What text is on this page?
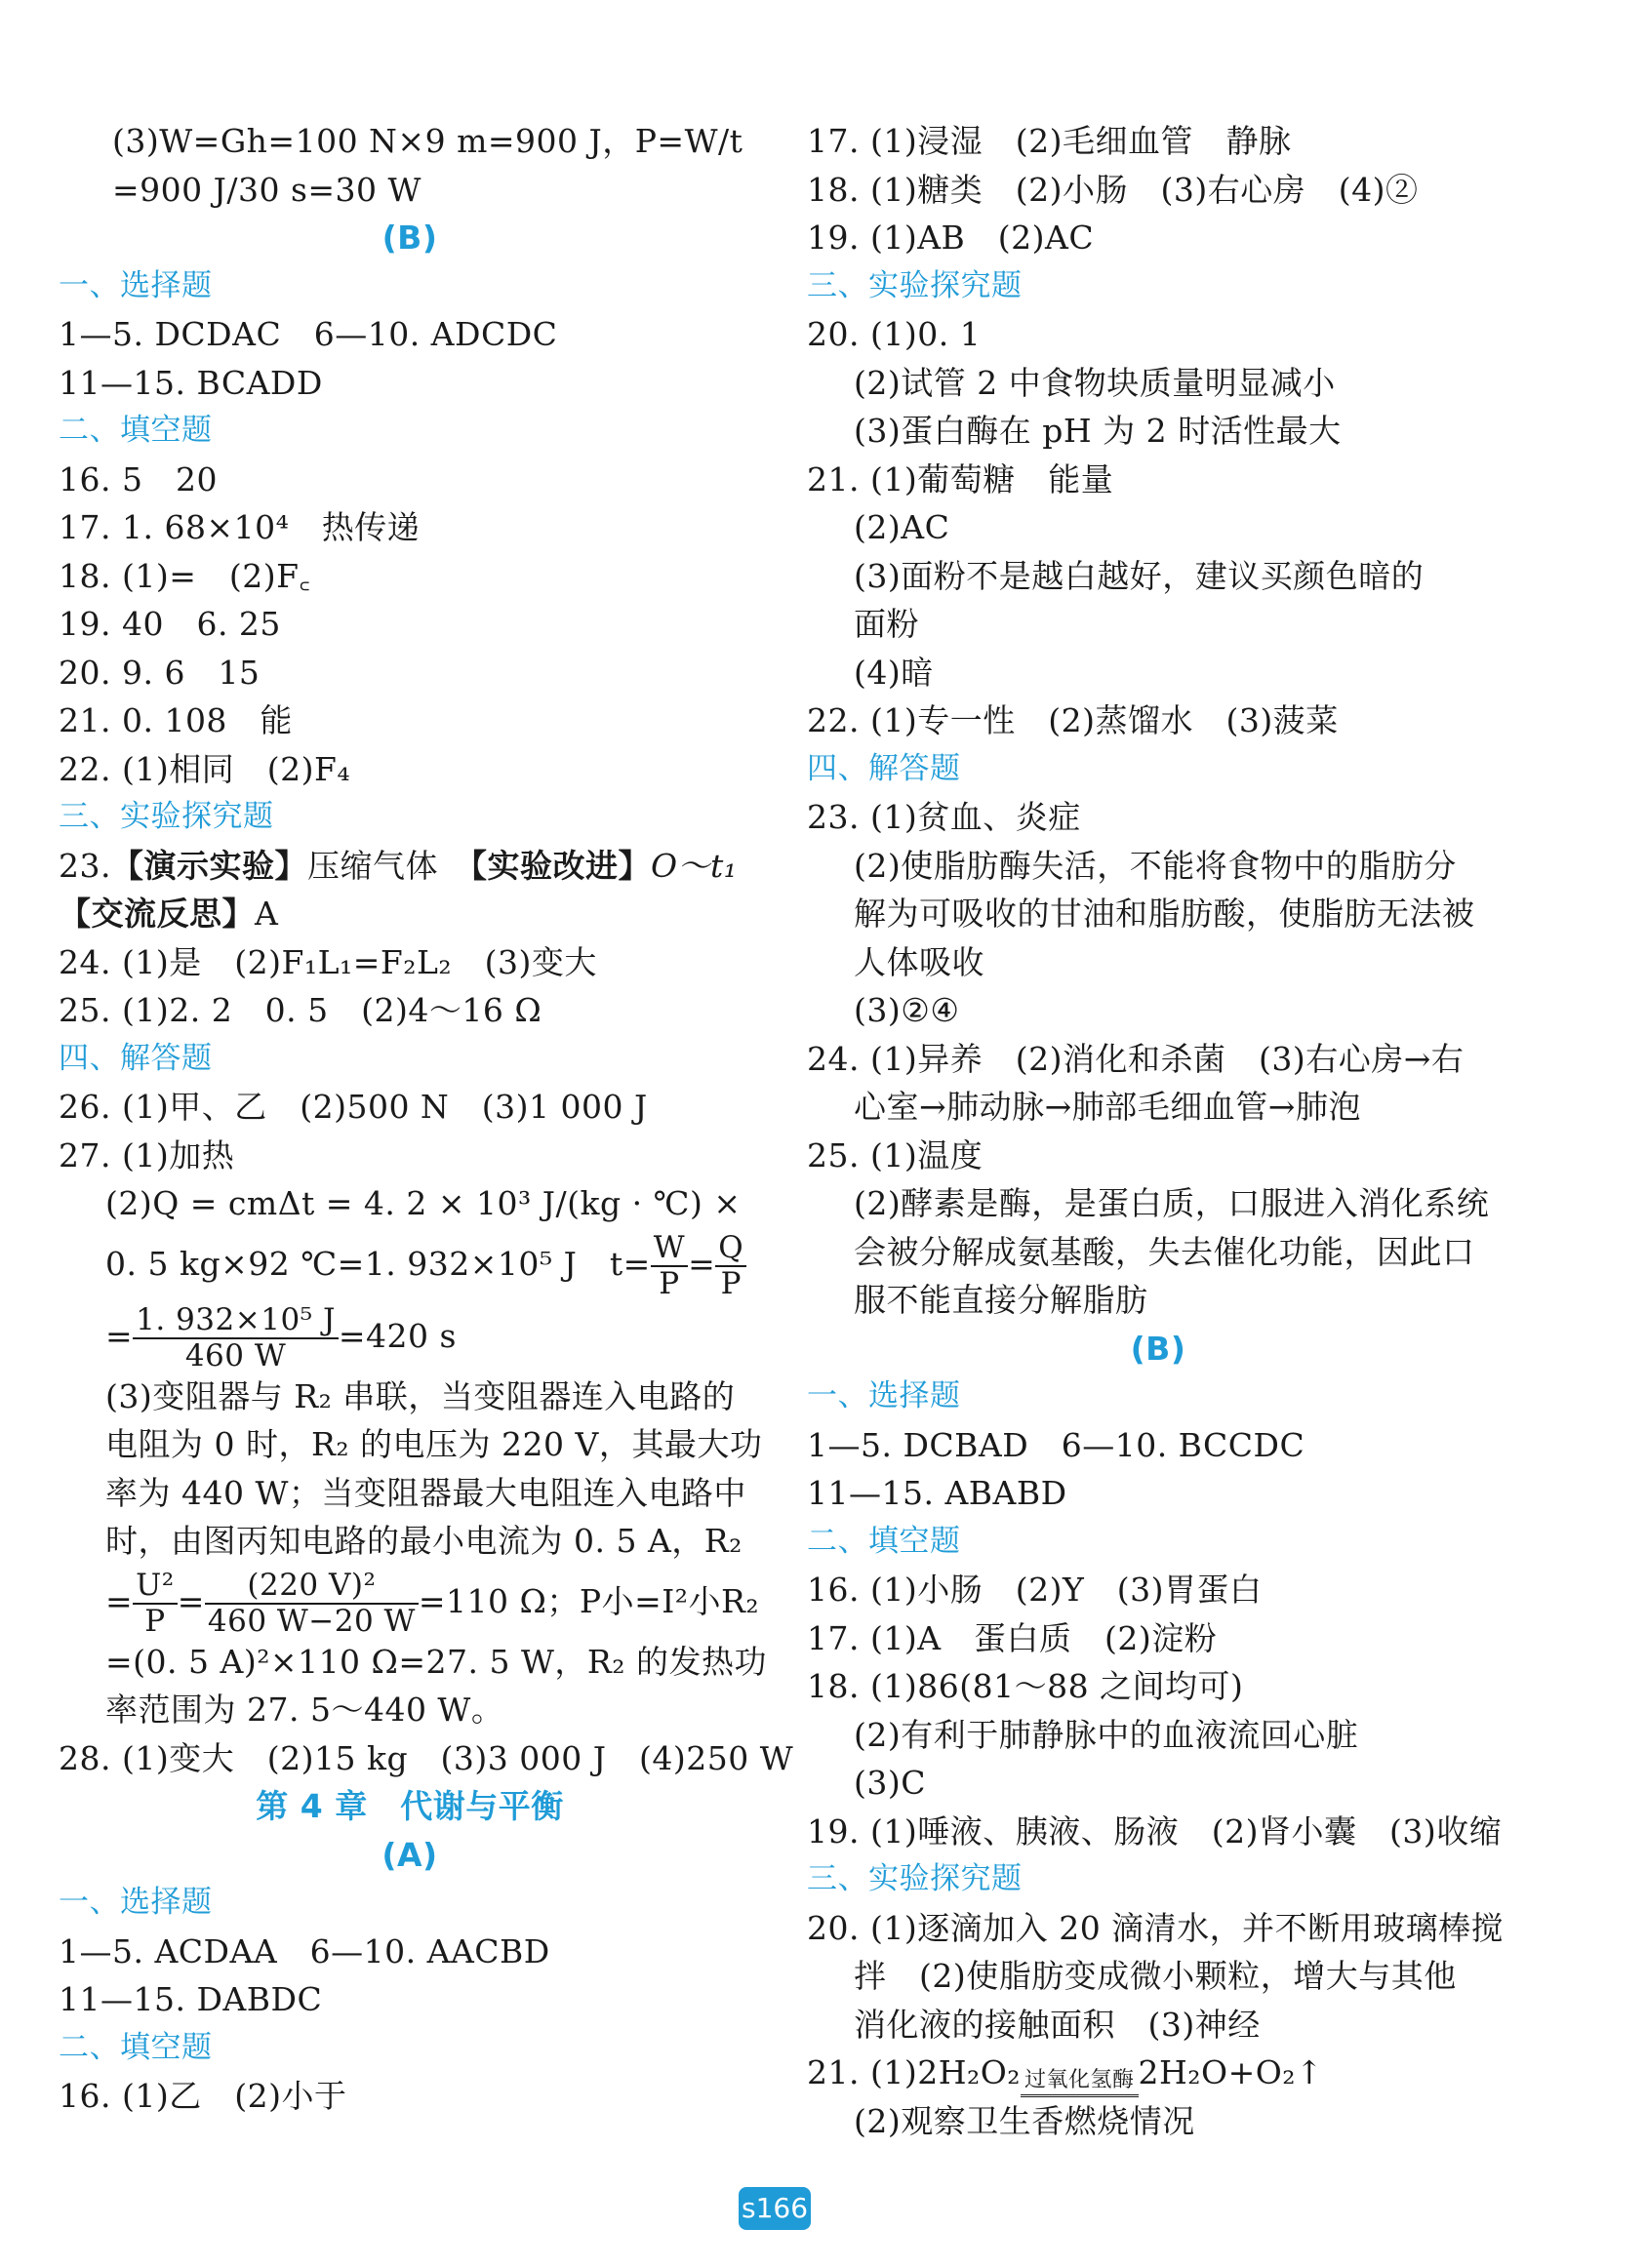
(3)W=Gh=100 N×9 m=900 J，P=W/t
=900 J/30 s=30 W
(B)
一、选择题
1—5. DCDAC　6—10. ADCDC
11—15. BCADD
二、填空题
16. 5　20
17. 1. 68×10⁴　热传递
18. (1)=　(2)F꜀
19. 40　6. 25
20. 9. 6　15
21. 0. 108　能
22. (1)相同　(2)F₄
三、实验探究题
23.【演示实验】压缩气体　【实验改进】O～t₁
【交流反思】A
24. (1)是　(2)F₁L₁=F₂L₂　(3)变大
25. (1)2. 2　0. 5　(2)4～16 Ω
四、解答题
26. (1)甲、乙　(2)500 N　(3)1 000 J
27. (1)加热
(2)Q = cmΔt = 4. 2 × 10³ J/(kg · ℃) ×
0. 5 kg×92 ℃=1. 932×10⁵ J　$t= \frac{W}{P} = \frac{Q}{P}$
= $\frac{\text{1. 932×10⁵ J}}{460 W} =420$ s
(3)变阻器与 R₂ 串联，当变阻器连入电路的
电阻为 0 时，R₂ 的电压为 220 V，其最大功
率为 440 W；当变阻器最大电阻连入电路中
时，由图丙知电路的最小电流为 0. 5 A，R₂
= $\frac{\text{U²}}{P} = \frac{\text{(220 V)²}}{460 W-20 W} =110$ Ω；P小=I²小R₂
=(0. 5 A)²×110 Ω=27. 5 W，R₂ 的发热功
率范围为 27. 5～440 W。
28. (1)变大　(2)15 kg　(3)3 000 J　(4)250 W
第 4 章　代谢与平衡
(A)
一、选择题
1—5. ACDAA　6—10. AACBD
11—15. DABDC
二、填空题
16. (1)乙　(2)小于
17. (1)浸湿　(2)毛细血管　静脉
18. (1)糖类　(2)小肠　(3)右心房　(4)②
19. (1)AB　(2)AC
三、实验探究题
20. (1)0. 1
(2)试管 2 中食物块质量明显减小
(3)蛋白酶在 pH 为 2 时活性最大
21. (1)葡萄糖　能量
(2)AC
(3)面粉不是越白越好，建议买颜色暗的
面粉
(4)暗
22. (1)专一性　(2)蒸馏水　(3)菠菜
四、解答题
23. (1)贫血、炎症
(2)使脂肪酶失活，不能将食物中的脂肪分
解为可吸收的甘油和脂肪酸，使脂肪无法被
人体吸收
(3)②④
24. (1)异养　(2)消化和杀菌　(3)右心房→右
心室→肺动脉→肺部毛细血管→肺泡
25. (1)温度
(2)酵素是酶，是蛋白质，口服进入消化系统
会被分解成氨基酸，失去催化功能，因此口
服不能直接分解脂肪
(B)
一、选择题
1—5. DCBAD　6—10. BCCDC
11—15. ABABD
二、填空题
16. (1)小肠　(2)Y　(3)胃蛋白
17. (1)A　蛋白质　(2)淀粉
18. (1)86(81～88 之间均可)
(2)有利于肺静脉中的血液流回心脏
(3)C
19. (1)唾液、胰液、肠液　(2)肾小囊　(3)收缩
三、实验探究题
20. (1)逐滴加入 20 滴清水，并不断用玻璃棒搅
拌　(2)使脂肪变成微小颗粒，增大与其他
消化液的接触面积　(3)神经
21. (1)2H₂O₂ 过氧化氢酶 2H₂O+O₂↑
(2)观察卫生香燃烧情况
s166
